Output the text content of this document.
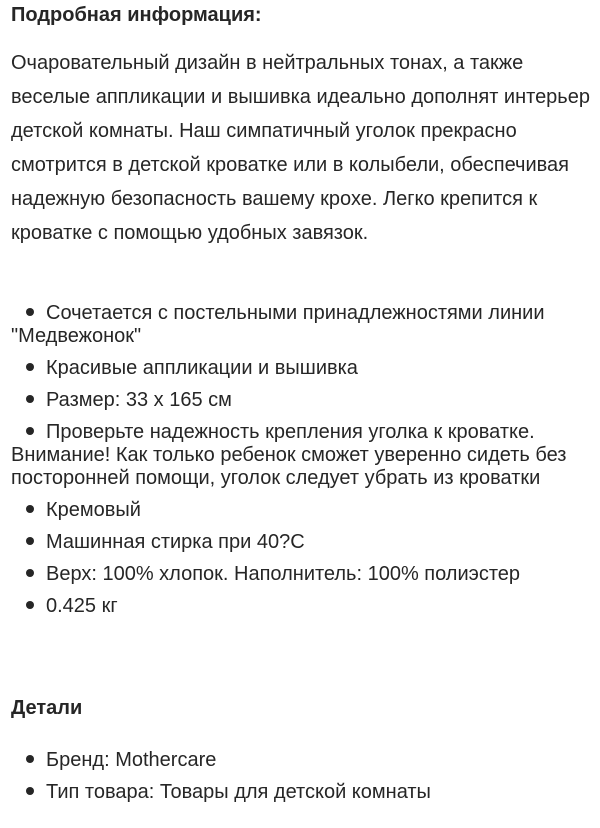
Подробная информация:

Очаровательный дизайн в нейтральных тонах, а также веселые аппликации и вышивка идеально дополнят интерьер детской комнаты. Наш симпатичный уголок прекрасно смотрится в детской кроватке или в колыбели, обеспечивая надежную безопасность вашему крохе. Легко крепится к кроватке с помощью удобных завязок.

Сочетается с постельными принадлежностями линии "Медвежонок"
Красивые аппликации и вышивка
Размер: 33 x 165 см
Проверьте надежность крепления уголка к кроватке. Внимание! Как только ребенок сможет уверенно сидеть без посторонней помощи, уголок следует убрать из кроватки
Кремовый
Машинная стирка при 40?C
Верх: 100% хлопок. Наполнитель: 100% полиэстер
0.425 кг
Детали
Бренд: Mothercare
Тип товара: Товары для детской комнаты
